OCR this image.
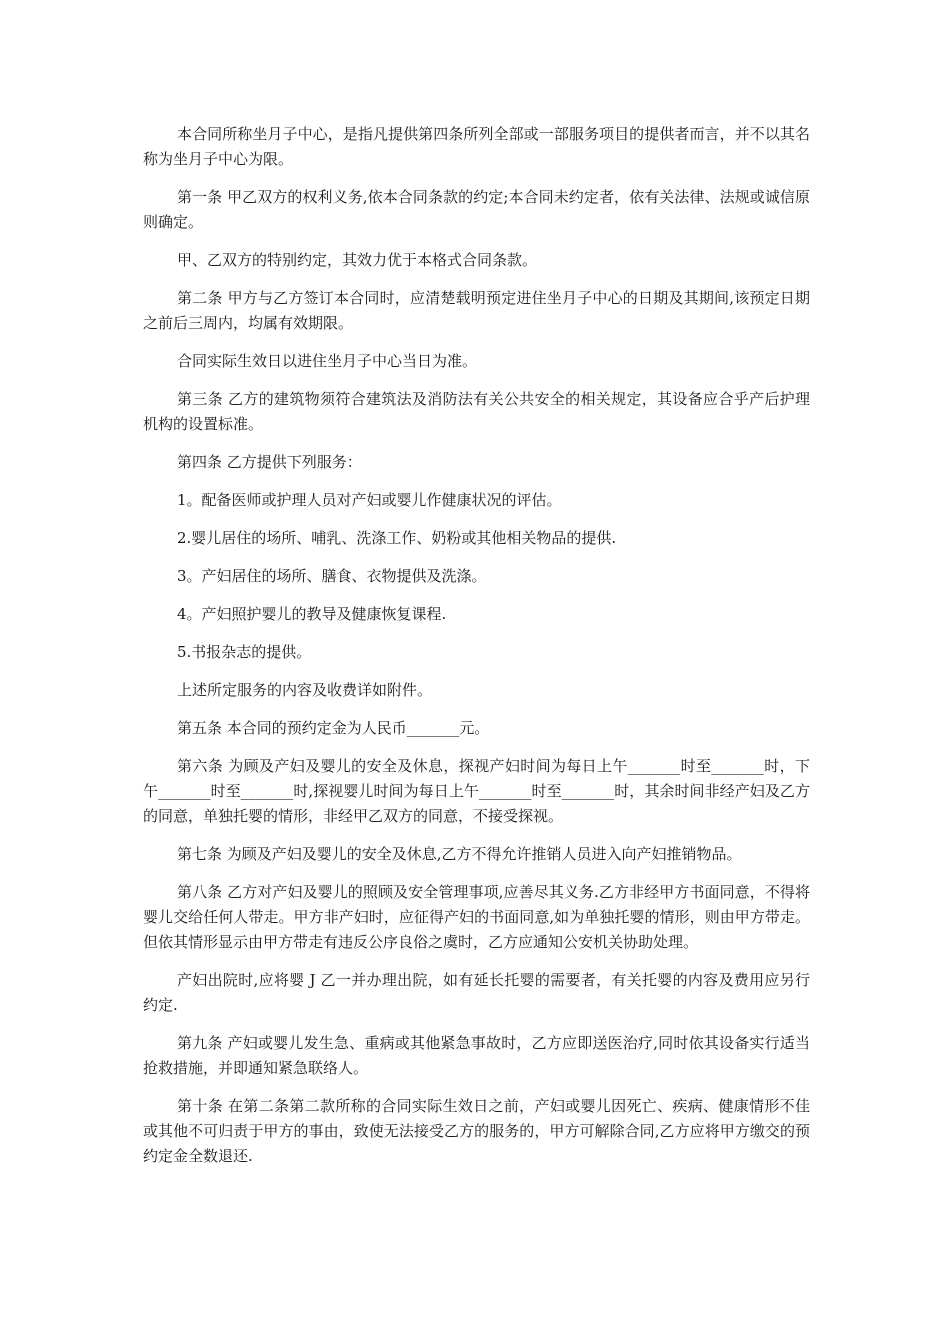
本合同所称坐月子中心，是指凡提供第四条所列全部或一部服务项目的提供者而言，并不以其名称为坐月子中心为限。

第一条 甲乙双方的权利义务,依本合同条款的约定;本合同未约定者，依有关法律、法规或诚信原则确定。

甲、乙双方的特别约定，其效力优于本格式合同条款。

第二条 甲方与乙方签订本合同时，应清楚载明预定进住坐月子中心的日期及其期间,该预定日期之前后三周内，均属有效期限。

合同实际生效日以进住坐月子中心当日为准。

第三条 乙方的建筑物须符合建筑法及消防法有关公共安全的相关规定，其设备应合乎产后护理机构的设置标准。

第四条 乙方提供下列服务：

1。配备医师或护理人员对产妇或婴儿作健康状况的评估。

2.婴儿居住的场所、哺乳、洗涤工作、奶粉或其他相关物品的提供.

3。产妇居住的场所、膳食、衣物提供及洗涤。

4。产妇照护婴儿的教导及健康恢复课程.

5.书报杂志的提供。

上述所定服务的内容及收费详如附件。

第五条 本合同的预约定金为人民币_______元。

第六条 为顾及产妇及婴儿的安全及休息，探视产妇时间为每日上午_______时至_______时，下午_______时至_______时,探视婴儿时间为每日上午_______时至_______时，其余时间非经产妇及乙方的同意，单独托婴的情形，非经甲乙双方的同意，不接受探视。

第七条 为顾及产妇及婴儿的安全及休息,乙方不得允许推销人员进入向产妇推销物品。

第八条 乙方对产妇及婴儿的照顾及安全管理事项,应善尽其义务.乙方非经甲方书面同意，不得将婴儿交给任何人带走。甲方非产妇时，应征得产妇的书面同意,如为单独托婴的情形，则由甲方带走。但依其情形显示由甲方带走有违反公序良俗之虞时，乙方应通知公安机关协助处理。

产妇出院时,应将婴 J 乙一并办理出院，如有延长托婴的需要者，有关托婴的内容及费用应另行约定.

第九条 产妇或婴儿发生急、重病或其他紧急事故时，乙方应即送医治疗,同时依其设备实行适当抢救措施，并即通知紧急联络人。

第十条 在第二条第二款所称的合同实际生效日之前，产妇或婴儿因死亡、疾病、健康情形不佳或其他不可归责于甲方的事由，致使无法接受乙方的服务的，甲方可解除合同,乙方应将甲方缴交的预约定金全数退还.
